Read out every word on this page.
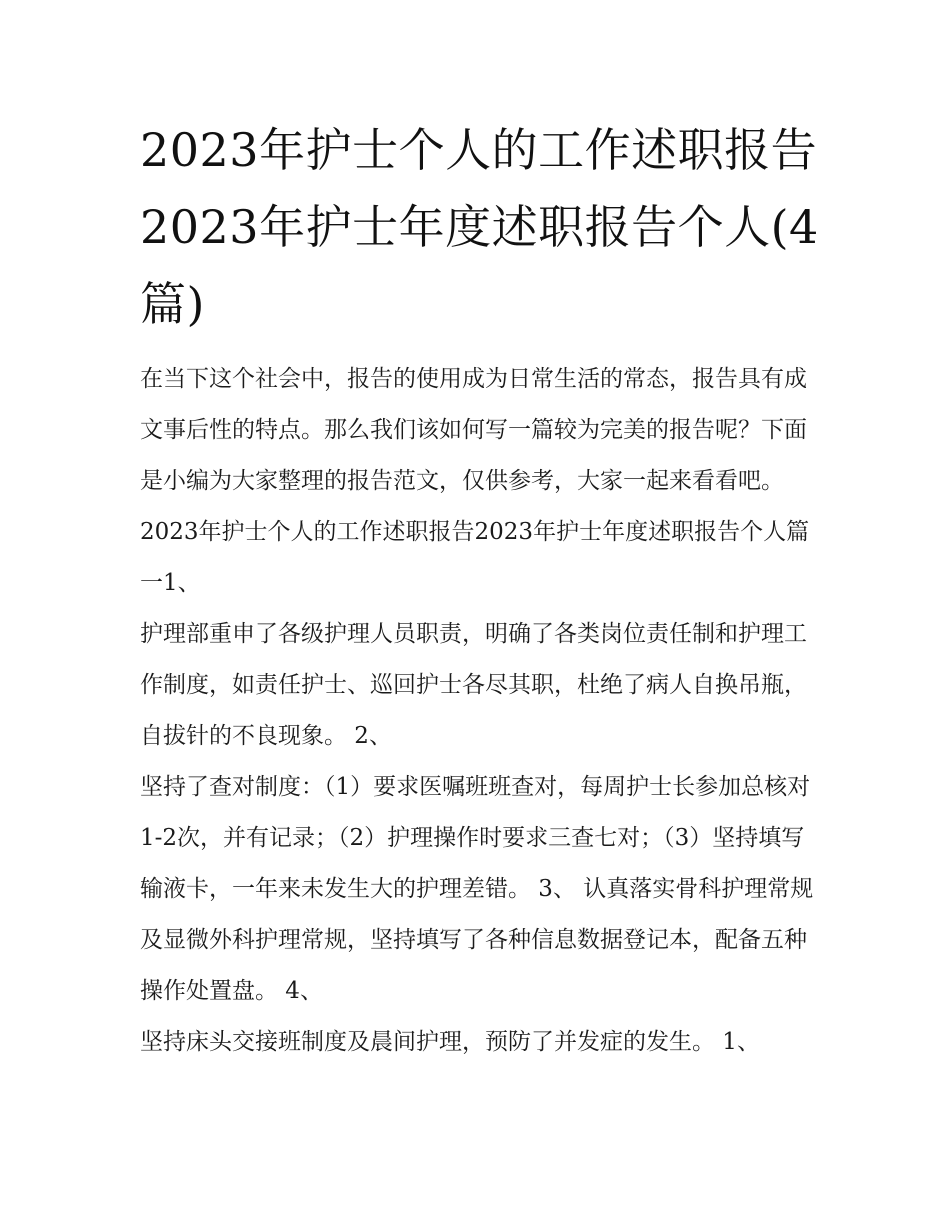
2023年护士个人的工作述职报告2023年护士年度述职报告个人(4篇)

在当下这个社会中，报告的使用成为日常生活的常态，报告具有成文事后性的特点。那么我们该如何写一篇较为完美的报告呢？下面是小编为大家整理的报告范文，仅供参考，大家一起来看看吧。

2023年护士个人的工作述职报告2023年护士年度述职报告个人篇一1、

护理部重申了各级护理人员职责，明确了各类岗位责任制和护理工作制度，如责任护士、巡回护士各尽其职，杜绝了病人自换吊瓶，自拔针的不良现象。 2、

坚持了查对制度：（1）要求医嘱班班查对，每周护士长参加总核对1-2次，并有记录；（2）护理操作时要求三查七对；（3）坚持填写输液卡，一年来未发生大的护理差错。 3、 认真落实骨科护理常规及显微外科护理常规，坚持填写了各种信息数据登记本，配备五种操作处置盘。 4、

坚持床头交接班制度及晨间护理，预防了并发症的发生。 1、
